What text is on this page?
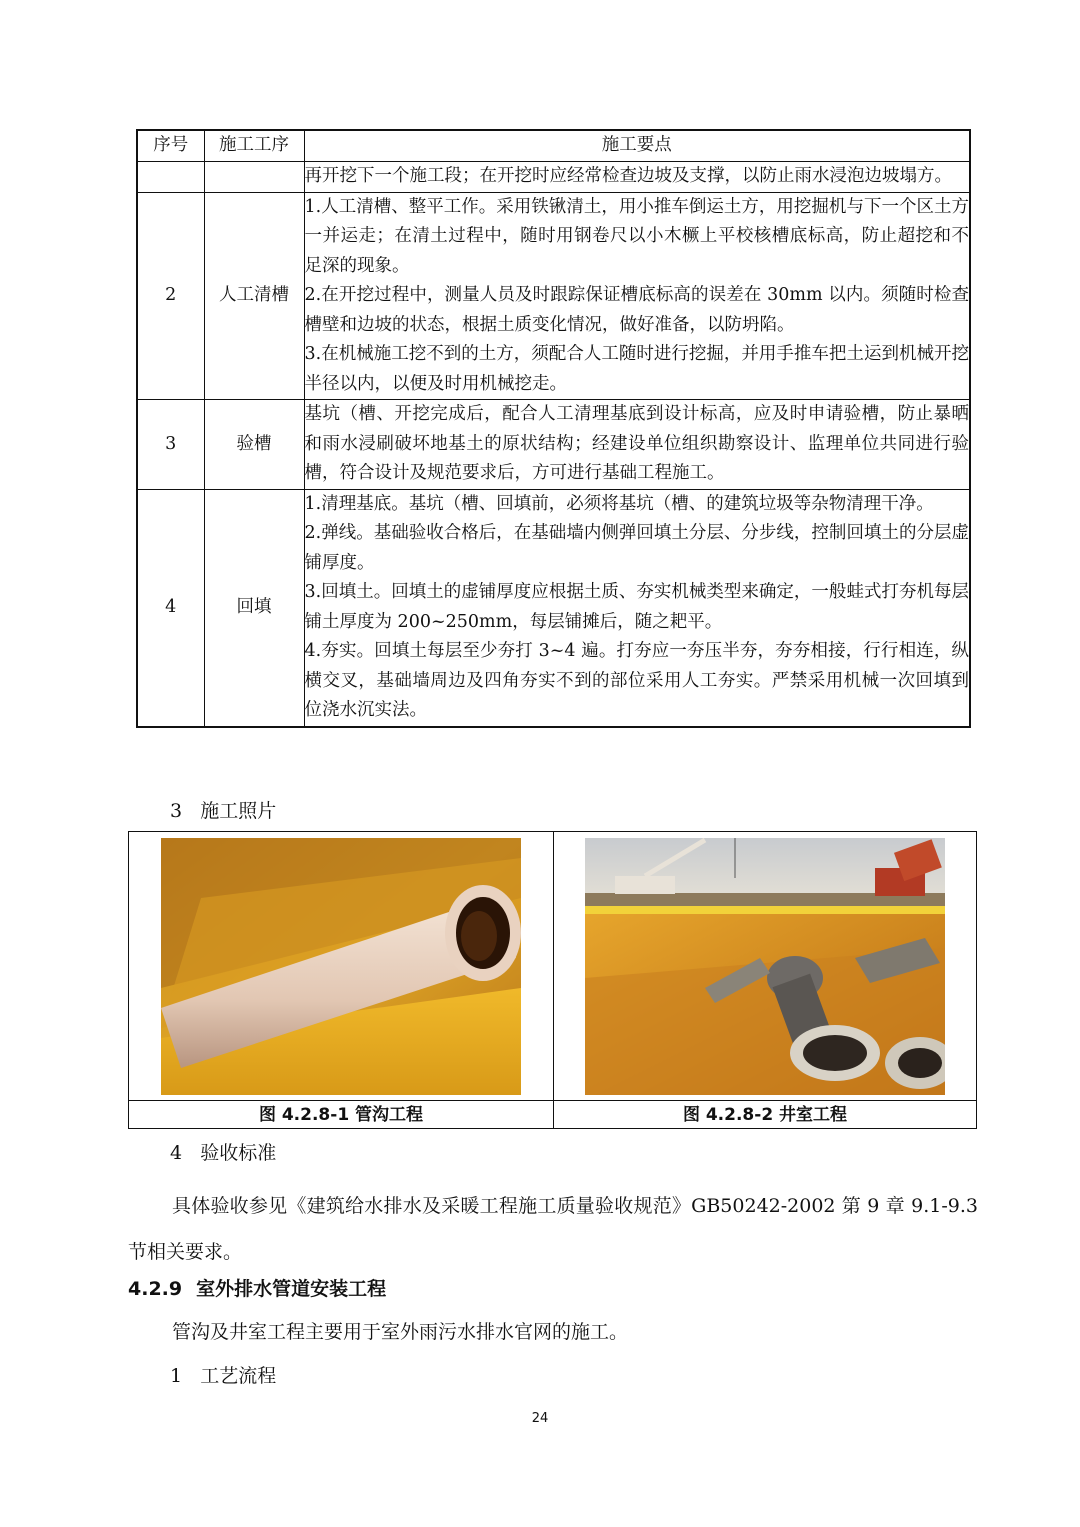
序号	施工工序	施工要点

		再开挖下一个施工段；在开挖时应经常检查边坡及支撑，以防止雨水浸泡边坡塌方。

2	人工清槽	1.人工清槽、整平工作。采用铁锹清土，用小推车倒运土方，用挖掘机与下一个区土方一并运走；在清土过程中，随时用钢卷尺以小木橛上平校核槽底标高，防止超挖和不足深的现象。

2.在开挖过程中，测量人员及时跟踪保证槽底标高的误差在 30mm 以内。须随时检查槽壁和边坡的状态，根据土质变化情况，做好准备，以防坍陷。

3.在机械施工挖不到的土方，须配合人工随时进行挖掘，并用手推车把土运到机械开挖半径以内，以便及时用机械挖走。

3	验槽	基坑（槽、开挖完成后，配合人工清理基底到设计标高，应及时申请验槽，防止暴晒和雨水浸刷破坏地基土的原状结构；经建设单位组织勘察设计、监理单位共同进行验槽，符合设计及规范要求后，方可进行基础工程施工。

4	回填	1.清理基底。基坑（槽、回填前，必须将基坑（槽、的建筑垃圾等杂物清理干净。

2.弹线。基础验收合格后，在基础墙内侧弹回填土分层、分步线，控制回填土的分层虚铺厚度。

3.回填土。回填土的虚铺厚度应根据土质、夯实机械类型来确定，一般蛙式打夯机每层铺土厚度为 200~250mm，每层铺摊后，随之耙平。

4.夯实。回填土每层至少夯打 3~4 遍。打夯应一夯压半夯，夯夯相接，行行相连，纵横交叉，基础墙周边及四角夯实不到的部位采用人工夯实。严禁采用机械一次回填到位浇水沉实法。

3 施工照片
图 4.2.8-1 管沟工程	图 4.2.8-2 井室工程
4 验收标准
具体验收参见《建筑给水排水及采暖工程施工质量验收规范》GB50242-2002 第 9 章 9.1-9.3 节相关要求。
4.2.9 室外排水管道安装工程
管沟及井室工程主要用于室外雨污水排水官网的施工。
1 工艺流程
24
